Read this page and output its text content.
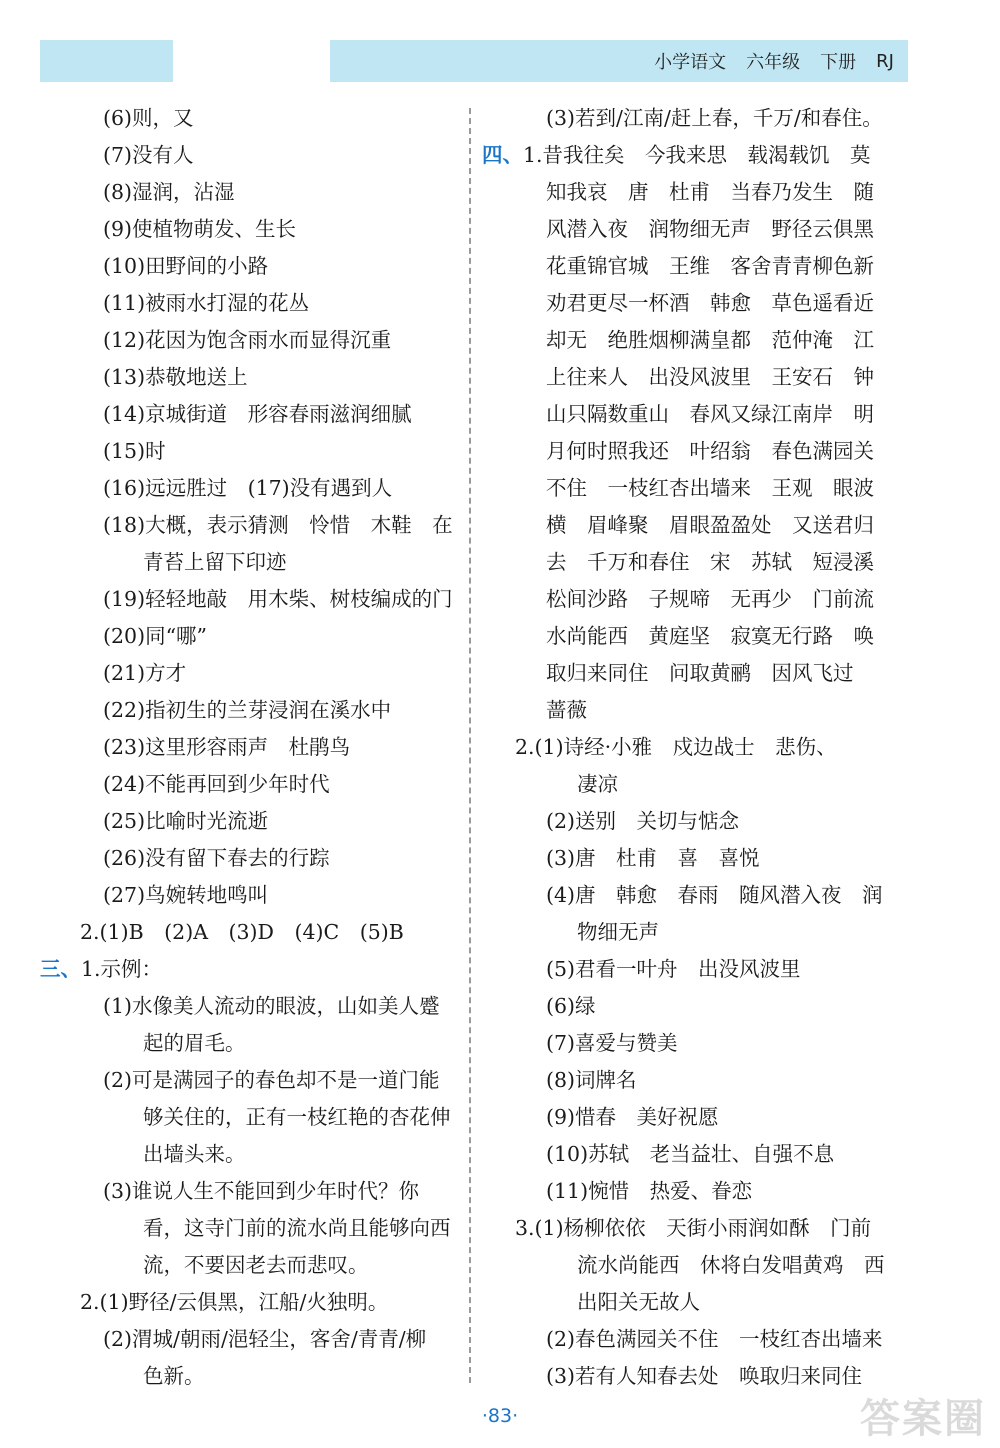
小学语文 六年级 下册 RJ
(6)则，又
(7)没有人
(8)湿润，沾湿
(9)使植物萌发、生长
(10)田野间的小路
(11)被雨水打湿的花丛
(12)花因为饱含雨水而显得沉重
(13)恭敬地送上
(14)京城街道　形容春雨滋润细腻
(15)时
(16)远远胜过　(17)没有遇到人
(18)大概，表示猜测　怜惜　木鞋　在
青苔上留下印迹
(19)轻轻地敲　用木柴、树枝编成的门
(20)同“哪”
(21)方才
(22)指初生的兰芽浸润在溪水中
(23)这里形容雨声　杜鹃鸟
(24)不能再回到少年时代
(25)比喻时光流逝
(26)没有留下春去的行踪
(27)鸟婉转地鸣叫
2.(1)B　(2)A　(3)D　(4)C　(5)B
三、1.示例：
(1)水像美人流动的眼波，山如美人蹙
起的眉毛。
(2)可是满园子的春色却不是一道门能
够关住的，正有一枝红艳的杏花伸
出墙头来。
(3)谁说人生不能回到少年时代？你
看，这寺门前的流水尚且能够向西
流，不要因老去而悲叹。
2.(1)野径/云俱黑，江船/火独明。
(2)渭城/朝雨/浥轻尘，客舍/青青/柳
色新。
(3)若到/江南/赶上春，千万/和春住。
四、1.昔我往矣　今我来思　载渴载饥　莫
知我哀　唐　杜甫　当春乃发生　随
风潜入夜　润物细无声　野径云俱黑
花重锦官城　王维　客舍青青柳色新
劝君更尽一杯酒　韩愈　草色遥看近
却无　绝胜烟柳满皇都　范仲淹　江
上往来人　出没风波里　王安石　钟
山只隔数重山　春风又绿江南岸　明
月何时照我还　叶绍翁　春色满园关
不住　一枝红杏出墙来　王观　眼波
横　眉峰聚　眉眼盈盈处　又送君归
去　千万和春住　宋　苏轼　短浸溪
松间沙路　子规啼　无再少　门前流
水尚能西　黄庭坚　寂寞无行路　唤
取归来同住　问取黄鹂　因风飞过
蔷薇
2.(1)诗经·小雅　戍边战士　悲伤、
凄凉
(2)送别　关切与惦念
(3)唐　杜甫　喜　喜悦
(4)唐　韩愈　春雨　随风潜入夜　润
物细无声
(5)君看一叶舟　出没风波里
(6)绿
(7)喜爱与赞美
(8)词牌名
(9)惜春　美好祝愿
(10)苏轼　老当益壮、自强不息
(11)惋惜　热爱、眷恋
3.(1)杨柳依依　天街小雨润如酥　门前
流水尚能西　休将白发唱黄鸡　西
出阳关无故人
(2)春色满园关不住　一枝红杏出墙来
(3)若有人知春去处　唤取归来同住
·83·	答案圈
